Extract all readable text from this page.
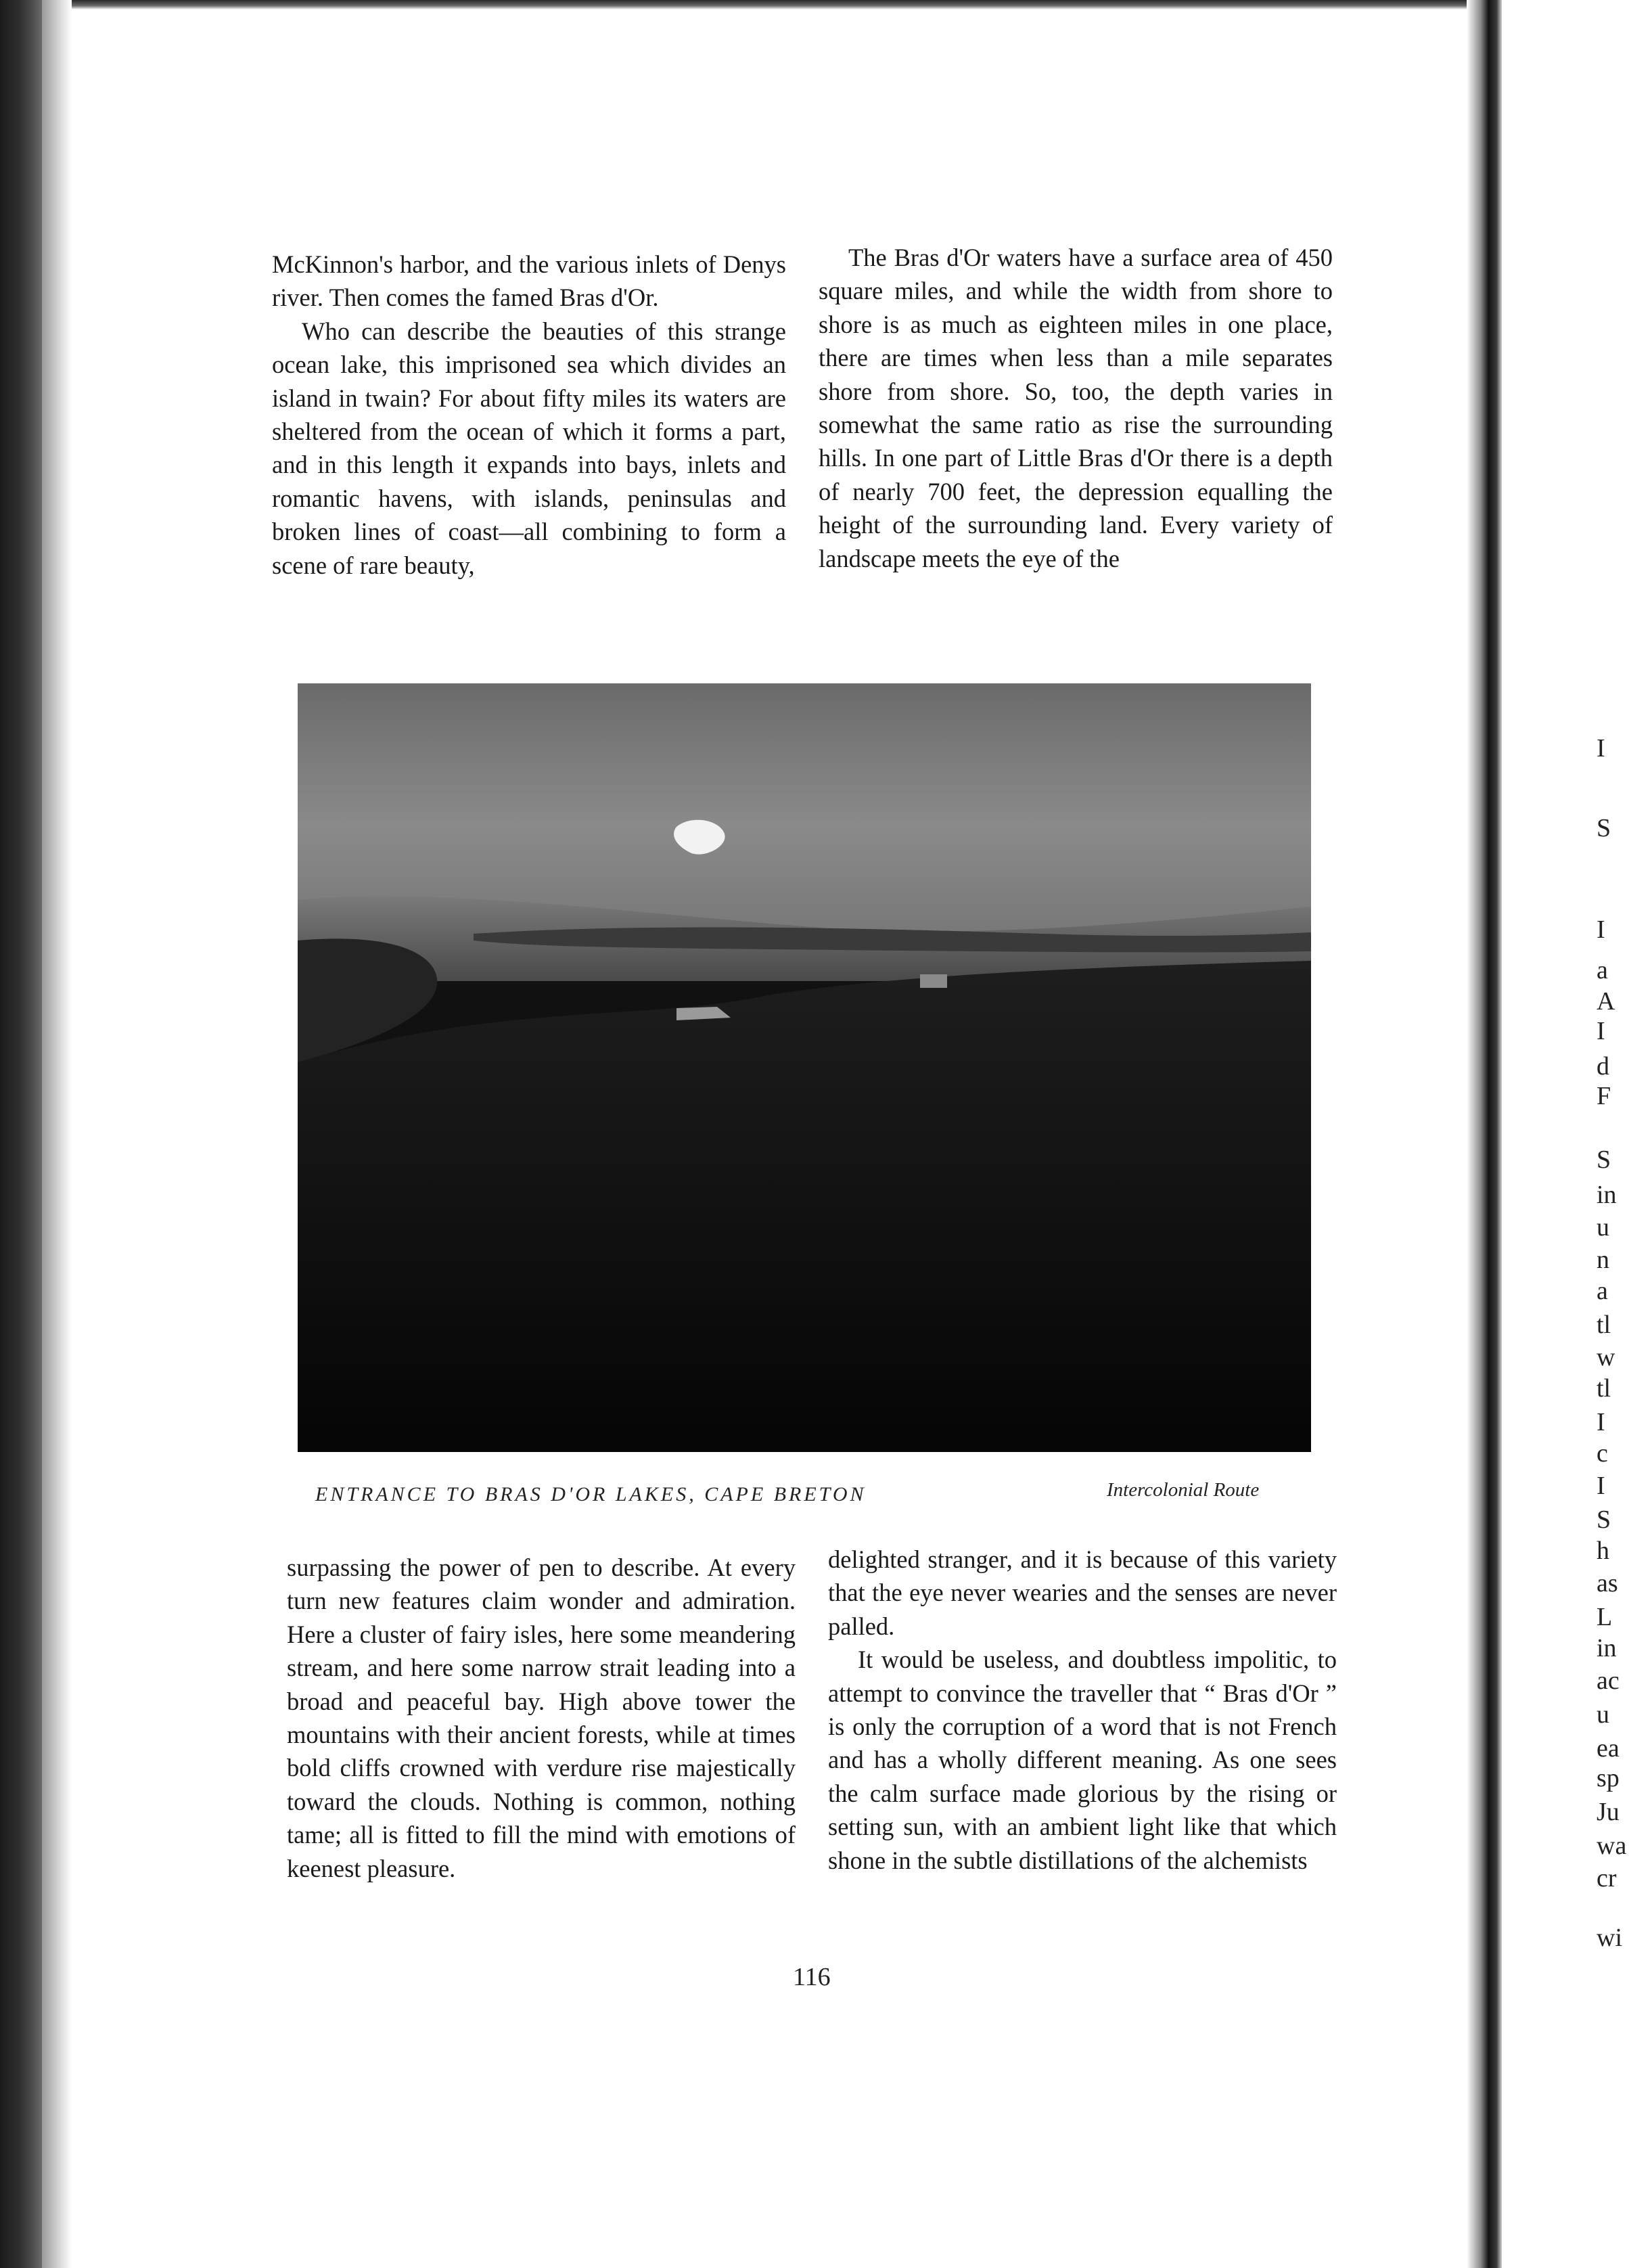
McKinnon's harbor, and the various inlets of Denys river. Then comes the famed Bras d'Or.

Who can describe the beauties of this strange ocean lake, this imprisoned sea which divides an island in twain? For about fifty miles its waters are sheltered from the ocean of which it forms a part, and in this length it expands into bays, inlets and romantic havens, with islands, peninsulas and broken lines of coast—all combining to form a scene of rare beauty,

The Bras d'Or waters have a surface area of 450 square miles, and while the width from shore to shore is as much as eighteen miles in one place, there are times when less than a mile separates shore from shore. So, too, the depth varies in somewhat the same ratio as rise the surrounding hills. In one part of Little Bras d'Or there is a depth of nearly 700 feet, the depression equalling the height of the surrounding land. Every variety of landscape meets the eye of the

ENTRANCE TO BRAS D'OR LAKES, CAPE BRETON	Intercolonial Route

surpassing the power of pen to describe. At every turn new features claim wonder and admiration. Here a cluster of fairy isles, here some meandering stream, and here some narrow strait leading into a broad and peaceful bay. High above tower the mountains with their ancient forests, while at times bold cliffs crowned with verdure rise majestically toward the clouds. Nothing is common, nothing tame; all is fitted to fill the mind with emotions of keenest pleasure.

delighted stranger, and it is because of this variety that the eye never wearies and the senses are never palled.

It would be useless, and doubtless impolitic, to attempt to convince the traveller that “ Bras d'Or ” is only the corruption of a word that is not French and has a wholly different meaning. As one sees the calm surface made glorious by the rising or setting sun, with an ambient light like that which shone in the subtle distillations of the alchemists

116
I
S
I
a
A
I
d
F
S
in
u
n
a
tl
w
tl
I
c
I
S
h
as
L
in
ac
u
ea
sp
Ju
wa
cr
wi
